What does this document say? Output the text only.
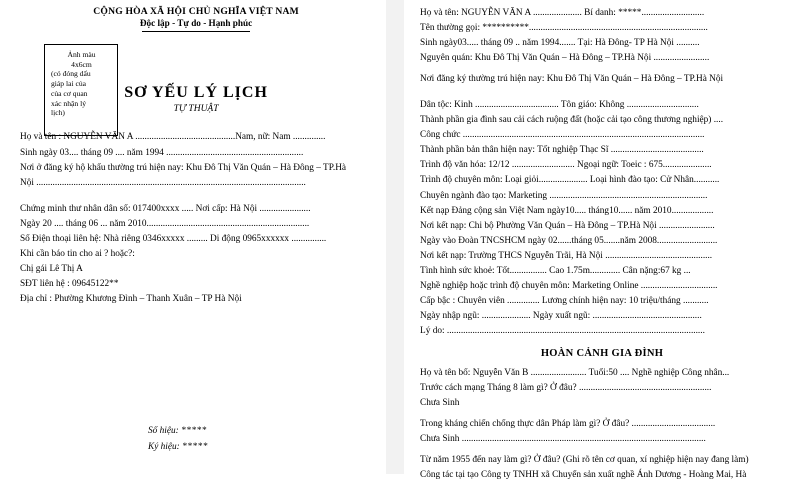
CỘNG HÒA XÃ HỘI CHỦ NGHĨA VIỆT NAM
Độc lập - Tự do - Hạnh phúc
Ảnh màu
4x6cm
(có đóng dấu
giáp lai của
của cơ quan
xác nhận lý
lịch)
SƠ YẾU LÝ LỊCH
TỰ THUẬT
Họ và tên : NGUYỄN VĂN A ...........................................Nam, nữ: Nam ..............
Sinh ngày 03.... tháng 09 .... năm 1994 ...........................................................
Nơi ở đăng ký hộ khẩu thường trú hiện nay: Khu Đô Thị Văn Quán – Hà Đông – TP.Hà
Nội ....................................................................................................................
Chứng minh thư nhân dân số: 017400xxxx ..... Nơi cấp: Hà Nội ......................
Ngày 20 .... tháng 06 ... năm 2010......................................................................
Số Điện thoại liên hệ: Nhà riêng 0346xxxxx ......... Di động 0965xxxxxx ...............
Khi cần báo tin cho ai ? hoặc?:
Chị gái Lê Thị A
SĐT liên hệ : 09645122**
Địa chỉ : Phường Khương Đình – Thanh Xuân – TP Hà Nội
Số hiệu: *****
Ký hiệu: *****
Họ và tên: NGUYỄN VĂN A ..................... Bí danh: *****...........................
Tên thường gọi: **********.............................................................................
Sinh ngày03..... tháng 09 .. năm 1994....... Tại: Hà Đông- TP Hà Nội ..........
Nguyên quán: Khu Đô Thị Văn Quán – Hà Đông – TP.Hà Nội ........................
Nơi đăng ký thường trú hiện nay: Khu Đô Thị Văn Quán – Hà Đông – TP.Hà Nội
Dân tộc: Kinh .................................... Tôn giáo: Không ...............................
Thành phần gia đình sau cải cách ruộng đất (hoặc cải tạo công thương nghiệp) ....
Công chức ........................................................................................................
Thành phần bản thân hiện nay: Tốt nghiệp Thạc Sĩ ........................................
Trình độ văn hóa: 12/12 ........................... Ngoại ngữ: Toeic : 675.....................
Trình độ chuyên môn: Loại giỏi..................... Loại hình đào tạo: Cử Nhân...........
Chuyên ngành đào tạo: Marketing ....................................................................
Kết nạp Đảng cộng sản Việt Nam ngày10..... tháng10...... năm 2010..................
Nơi kết nạp: Chi bộ Phường Văn Quán – Hà Đông – TP.Hà Nội ........................
Ngày vào Đoàn TNCSHCM ngày 02......tháng 05.......năm 2008..........................
Nơi kết nạp: Trường THCS Nguyễn Trãi, Hà Nội ..............................................
Tình hình sức khoẻ: Tốt................ Cao 1.75m............. Cân nặng:67 kg ...
Nghề nghiệp hoặc trình độ chuyên môn: Marketing Online .................................
Cấp bậc : Chuyên viên .............. Lương chính hiện nay: 10 triệu/tháng ...........
Ngày nhập ngũ: ..................... Ngày xuất ngũ: ...............................................
Lý do: ...............................................................................................................
HOÀN CẢNH GIA ĐÌNH
Họ và tên bố: Nguyễn Văn B ........................ Tuổi:50 .... Nghề nghiệp Công nhân...
Trước cách mạng Tháng 8 làm gì? Ở đâu? .........................................................
Chưa Sinh
Trong kháng chiến chống thực dân Pháp làm gì? Ở đâu? ....................................
Chưa Sinh .........................................................................................................
Từ năm 1955 đến nay làm gì? Ở đâu? (Ghi rõ tên cơ quan, xí nghiệp hiện nay đang làm)
Công tác tại tạo Công ty TNHH xã Chuyển sản xuất nghề Ánh Dương - Hoàng Mai, Hà
